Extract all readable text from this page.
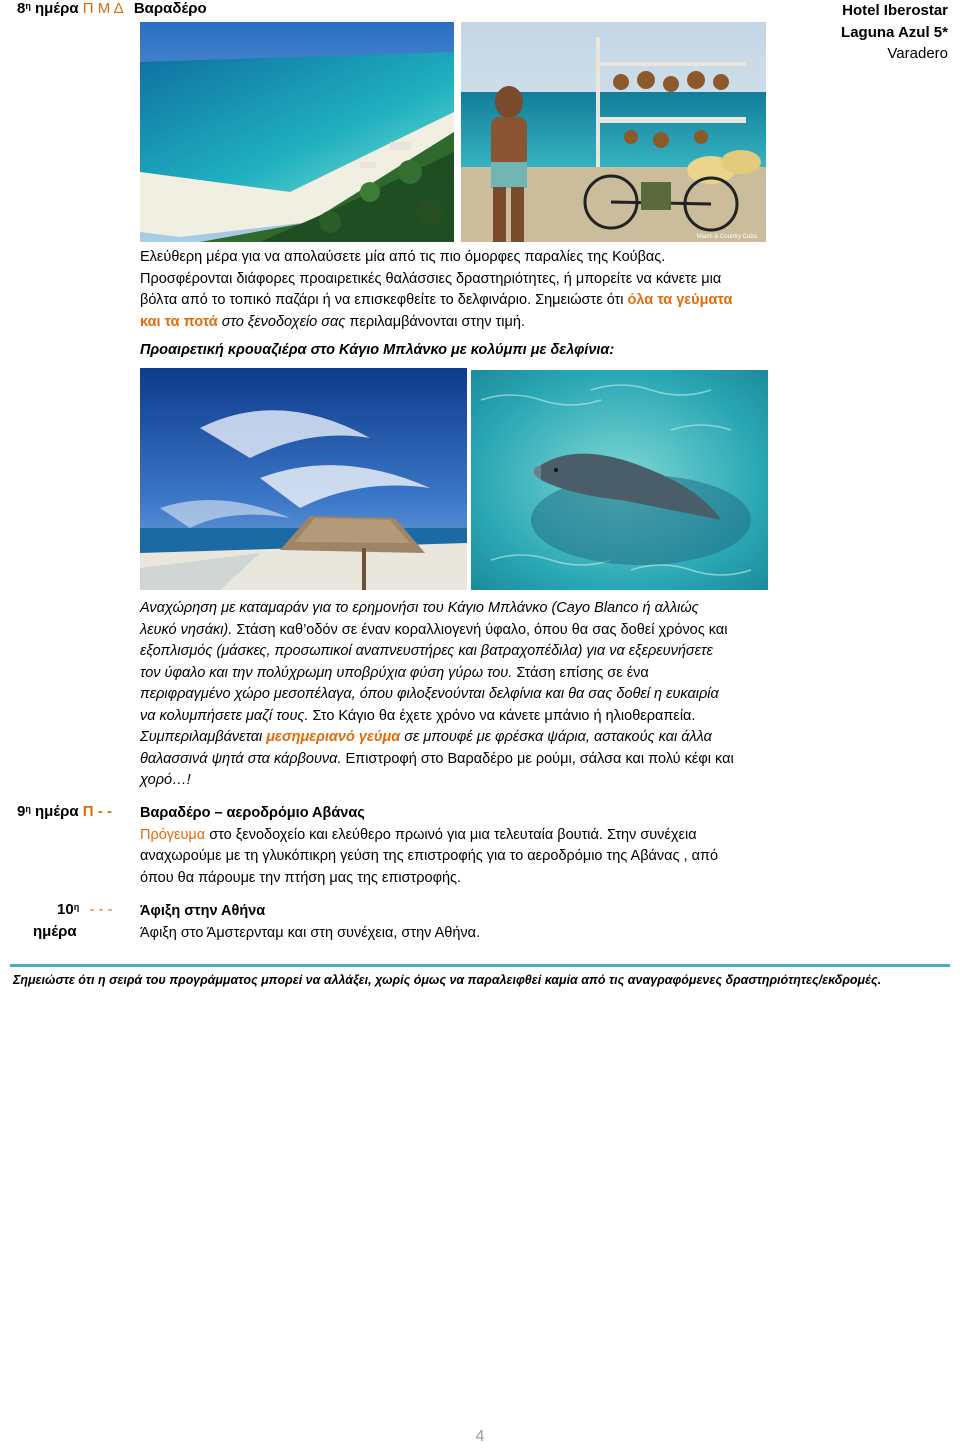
$8^\eta$ ημέρα Π Μ Δ Βαραδέρο	Hotel Iberostar
Laguna Azul 5*
Varadero
Miami & Country Cuba
Ελεύθερη μέρα για να απολαύσετε μία από τις πιο όμορφες παραλίες της Κούβας.
Προσφέρονται διάφορες προαιρετικές θαλάσσιες δραστηριότητες, ή μπορείτε να κάνετε μια
βόλτα από το τοπικό παζάρι ή να επισκεφθείτε το δελφινάριο. Σημειώστε ότι όλα τα γεύματα
και τα ποτά στο ξενοδοχείο σας περιλαμβάνονται στην τιμή.
Προαιρετική κρουαζιέρα στο Κάγιο Μπλάνκο με κολύμπι με δελφίνια:
Αναχώρηση με καταμαράν για το ερημονήσι του Κάγιο Μπλάνκο (Cayo Blanco ή αλλιώς
λευκό νησάκι). Στάση καθ’οδόν σε έναν κοραλλιογενή ύφαλο, όπου θα σας δοθεί χρόνος και
εξοπλισμός (μάσκες, προσωπικοί αναπνευστήρες και βατραχοπέδιλα) για να εξερευνήσετε
τον ύφαλο και την πολύχρωμη υποβρύχια φύση γύρω του. Στάση επίσης σε ένα
περιφραγμένο χώρο μεσοπέλαγα, όπου φιλοξενούνται δελφίνια και θα σας δοθεί η ευκαιρία
να κολυμπήσετε μαζί τους. Στο Κάγιο θα έχετε χρόνο να κάνετε μπάνιο ή ηλιοθεραπεία.
Συμπεριλαμβάνεται μεσημεριανό γεύμα σε μπουφέ με φρέσκα ψάρια, αστακούς και άλλα
θαλασσινά ψητά στα κάρβουνα. Επιστροφή στο Βαραδέρο με ρούμι, σάλσα και πολύ κέφι και
χορό…!
$9^\eta$ ημέρα Π - - Βαραδέρο – αεροδρόμιο Αβάνας
Πρόγευμα στο ξενοδοχείο και ελεύθερο πρωινό για μια τελευταία βουτιά. Στην συνέχεια
αναχωρούμε με τη γλυκόπικρη γεύση της επιστροφής για το αεροδρόμιο της Αβάνας , από
όπου θα πάρουμε την πτήση μας της επιστροφής.
$10^\eta$ - - -
ημέρα
Άφιξη στην Αθήνα
Άφιξη στο Άμστερνταμ και στη συνέχεια, στην Αθήνα.
Σημειώστε ότι η σειρά του προγράμματος μπορεί να αλλάξει, χωρίς όμως να παραλειφθεί καμία από τις αναγραφόμενες δραστηριότητες/εκδρομές.
4
